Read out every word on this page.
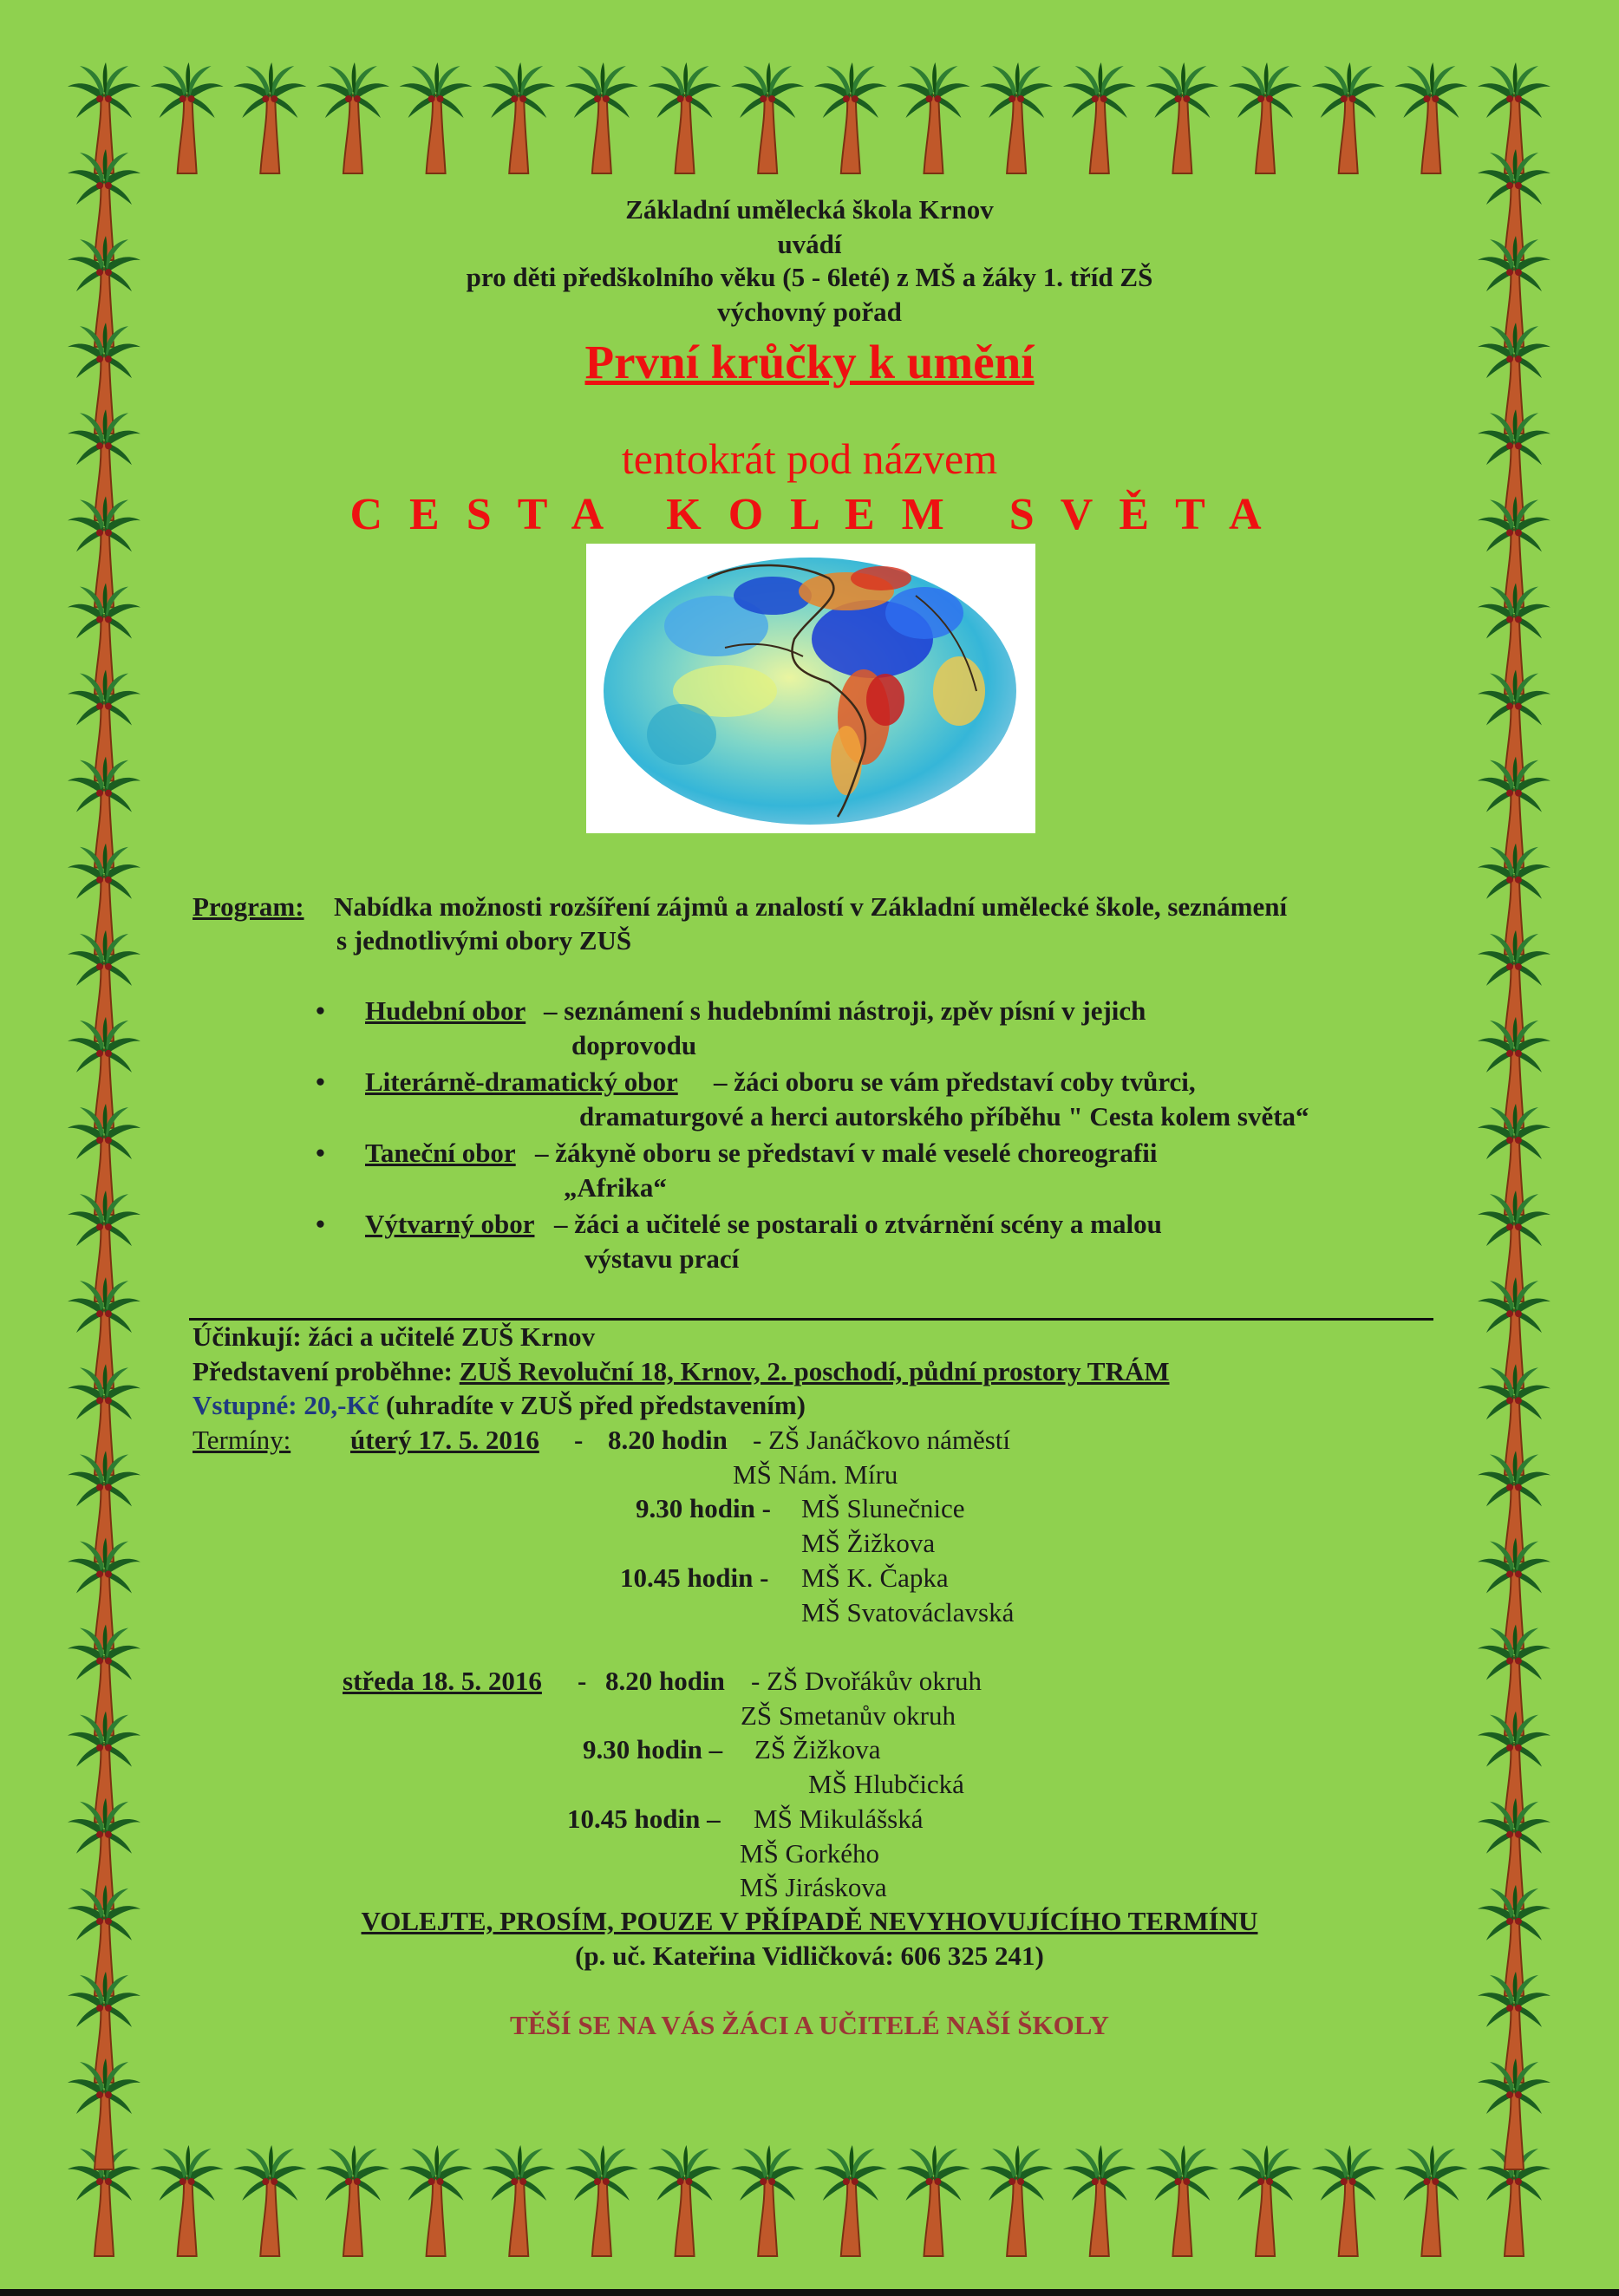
Základní umělecká škola Krnov
uvádí
pro děti předškolního věku (5 - 6leté) z MŠ a žáky 1. tříd ZŠ
výchovný pořad
První krůčky k umění
tentokrát pod názvem
C E S T A   K O L E M   S V Ě T A
Program: Nabídka možnosti rozšíření zájmů a znalostí v Základní umělecké škole, seznámení
s jednotlivými obory ZUŠ
• Hudební obor – seznámení s hudebními nástroji, zpěv písní v jejich
doprovodu
• Literárně-dramatický obor – žáci oboru se vám představí coby tvůrci,
dramaturgové a herci autorského příběhu " Cesta kolem světa“
• Taneční obor – žákyně oboru se představí v malé veselé choreografii
„Afrika“
• Výtvarný obor – žáci a učitelé se postarali o ztvárnění scény a malou
výstavu prací
Účinkují: žáci a učitelé ZUŠ Krnov
Představení proběhne: ZUŠ Revoluční 18, Krnov, 2. poschodí, půdní prostory TRÁM
Vstupné: 20,-Kč (uhradíte v ZUŠ před představením)
Termíny: úterý 17. 5. 2016 - 8.20 hodin - ZŠ Janáčkovo náměstí
MŠ Nám. Míru
9.30 hodin - MŠ Slunečnice
MŠ Žižkova
10.45 hodin - MŠ K. Čapka
MŠ Svatováclavská
středa 18. 5. 2016 - 8.20 hodin - ZŠ Dvořákův okruh
ZŠ Smetanův okruh
9.30 hodin – ZŠ Žižkova
MŠ Hlubčická
10.45 hodin – MŠ Mikulášská
MŠ Gorkého
MŠ Jiráskova
VOLEJTE, PROSÍM, POUZE V PŘÍPADĚ NEVYHOVUJÍCÍHO TERMÍNU
(p. uč. Kateřina Vidličková: 606 325 241)
TĚŠÍ SE NA VÁS ŽÁCI A UČITELÉ NAŠÍ ŠKOLY
